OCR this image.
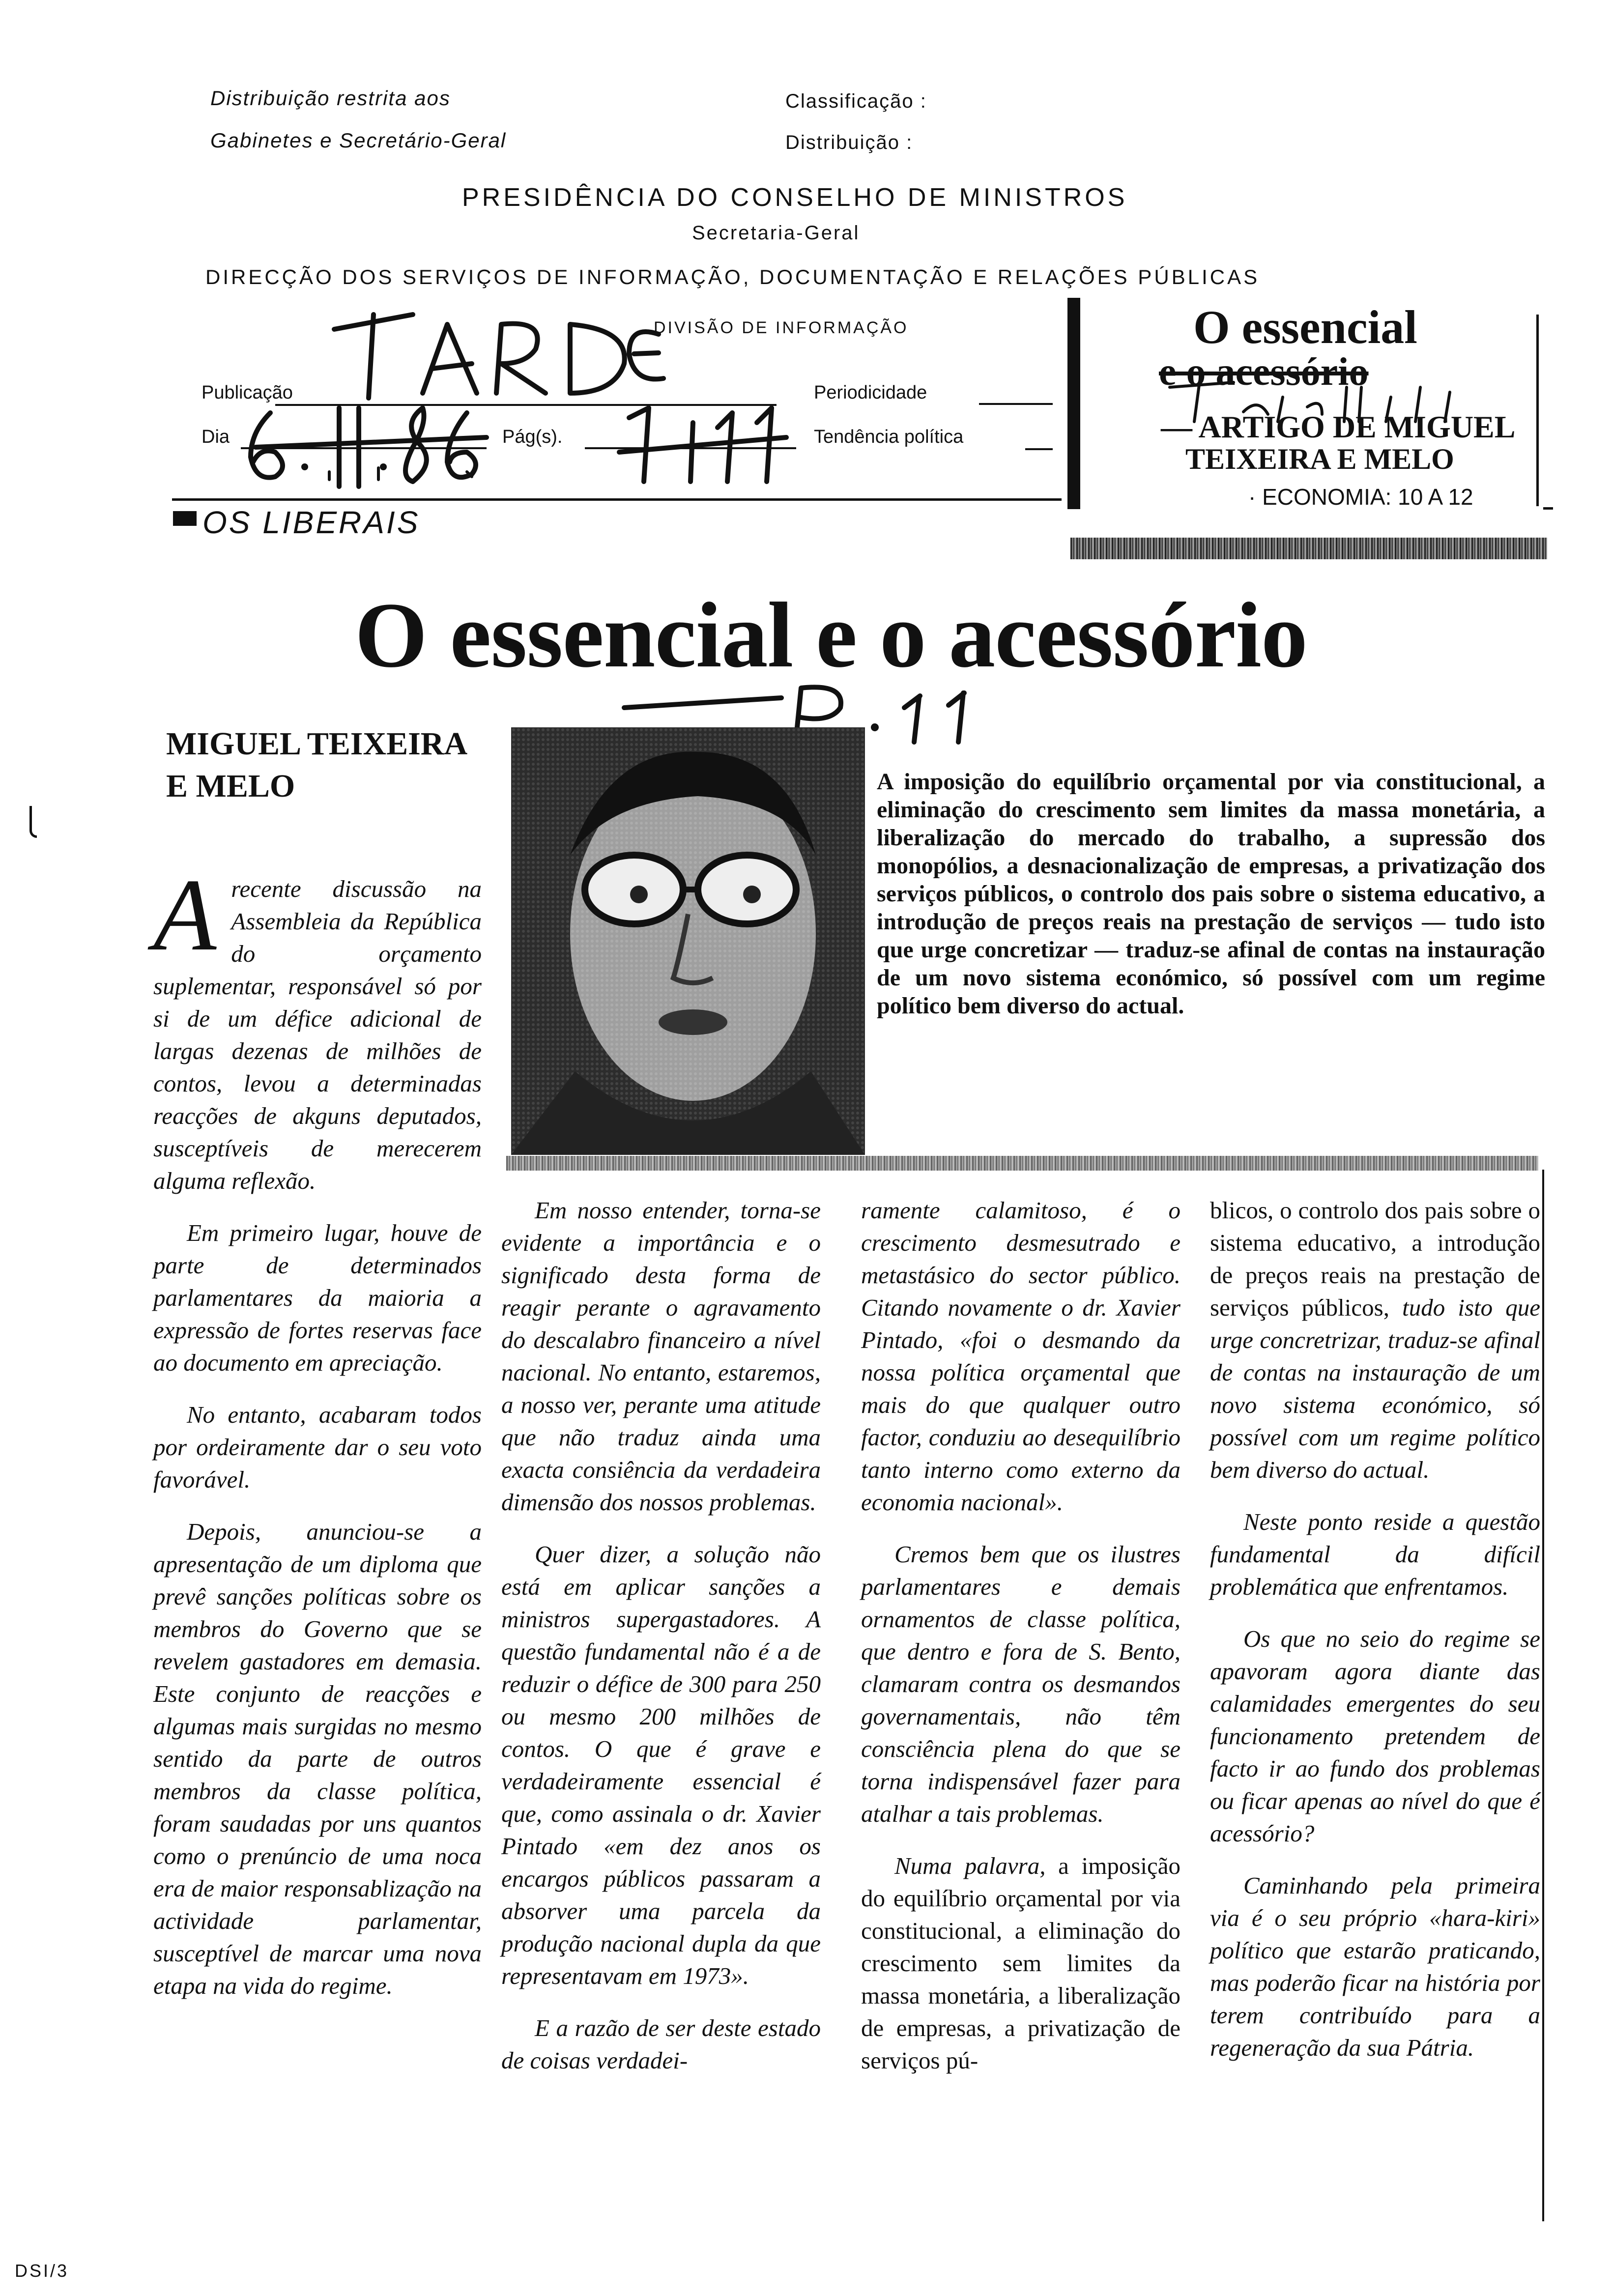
Distribuição restrita aos
Gabinetes e Secretário-Geral
Classificação :
Distribuição :
PRESIDÊNCIA DO CONSELHO DE MINISTROS
Secretaria-Geral
DIRECÇÃO DOS SERVIÇOS DE INFORMAÇÃO, DOCUMENTAÇÃO E RELAÇÕES PÚBLICAS
DIVISÃO DE INFORMAÇÃO
Publicação	Periodicidade
Dia	Pág(s).	Tendência política
O essencial
e o acessório
— ARTIGO DE MIGUEL
TEIXEIRA E MELO
· ECONOMIA: 10 A 12
OS LIBERAIS
O essencial e o acessório
MIGUEL TEIXEIRA
E MELO	A imposição do equilíbrio orçamental por via constitucional, a eliminação do crescimento sem limites da massa monetária, a liberalização do mercado do trabalho, a supressão dos monopólios, a desnacionalização de empresas, a privatização dos serviços públicos, o controlo dos pais sobre o sistema educativo, a introdução de preços reais na prestação de serviços — tudo isto que urge concretizar — traduz-se afinal de contas na instauração de um novo sistema económico, só possível com um regime político bem diverso do actual.

Arecente discussão na Assembleia da República do orçamento suplementar, responsável só por si de um défice adicional de largas dezenas de milhões de contos, levou a determinadas reacções de akguns deputados, susceptíveis de merecerem alguma reflexão.

Em primeiro lugar, houve de parte de determinados parlamentares da maioria a expressão de fortes reservas face ao documento em apreciação.

No entanto, acabaram todos por ordeiramente dar o seu voto favorável.

Depois, anunciou-se a apresentação de um diploma que prevê sanções políticas sobre os membros do Governo que se revelem gastadores em demasia. Este conjunto de reacções e algumas mais surgidas no mesmo sentido da parte de outros membros da classe política, foram saudadas por uns quantos como o prenúncio de uma noca era de maior responsablização na actividade parlamentar, susceptível de marcar uma nova etapa na vida do regime.

Em nosso entender, torna-se evidente a importância e o significado desta forma de reagir perante o agravamento do descalabro financeiro a nível nacional. No entanto, estaremos, a nosso ver, perante uma atitude que não traduz ainda uma exacta consiência da verdadeira dimensão dos nossos problemas.

Quer dizer, a solução não está em aplicar sanções a ministros supergastadores. A questão fundamental não é a de reduzir o défice de 300 para 250 ou mesmo 200 milhões de contos. O que é grave e verdadeiramente essencial é que, como assinala o dr. Xavier Pintado «em dez anos os encargos públicos passaram a absorver uma parcela da produção nacional dupla da que representavam em 1973».

E a razão de ser deste estado de coisas verdadei-

ramente calamitoso, é o crescimento desmesutrado e metastásico do sector público. Citando novamente o dr. Xavier Pintado, «foi o desmando da nossa política orçamental que mais do que qualquer outro factor, conduziu ao desequilíbrio tanto interno como externo da economia nacional».

Cremos bem que os ilustres parlamentares e demais ornamentos de classe política, que dentro e fora de S. Bento, clamaram contra os desmandos governamentais, não têm consciência plena do que se torna indispensável fazer para atalhar a tais problemas.

Numa palavra, a imposição do equilíbrio orçamental por via constitucional, a eliminação do crescimento sem limites da massa monetária, a liberalização de empresas, a privatização de serviços pú-

blicos, o controlo dos pais sobre o sistema educativo, a introdução de preços reais na prestação de serviços públicos, tudo isto que urge concretrizar, traduz-se afinal de contas na instauração de um novo sistema económico, só possível com um regime político bem diverso do actual.

Neste ponto reside a questão fundamental da difícil problemática que enfrentamos.

Os que no seio do regime se apavoram agora diante das calamidades emergentes do seu funcionamento pretendem de facto ir ao fundo dos problemas ou ficar apenas ao nível do que é acessório?

Caminhando pela primeira via é o seu próprio «hara-kiri» político que estarão praticando, mas poderão ficar na história por terem contribuído para a regeneração da sua Pátria.

DSI/3
